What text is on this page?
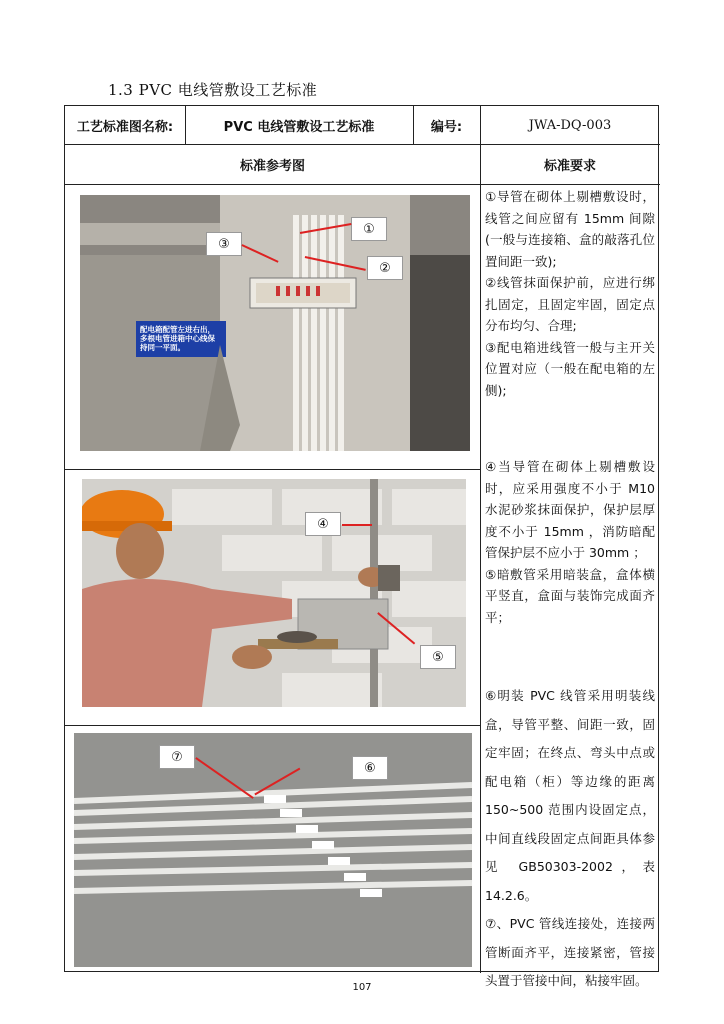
1.3 PVC 电线管敷设工艺标准
工艺标准图名称:	PVC 电线管敷设工艺标准	编号:	JWA-DQ-003
标准参考图	标准要求

①导管在砌体上剔槽敷设时，线管之间应留有 15mm 间隙(一般与连接箱、盒的敲落孔位置间距一致);

②线管抹面保护前，应进行绑扎固定，且固定牢固，固定点分布均匀、合理;

③配电箱进线管一般与主开关位置对应（一般在配电箱的左侧);

④当导管在砌体上剔槽敷设时，应采用强度不小于 M10 水泥砂浆抹面保护，保护层厚度不小于 15mm ，消防暗配管保护层不应小于 30mm ；

⑤暗敷管采用暗装盒，盒体横平竖直，盒面与装饰完成面齐平；

⑥明装 PVC 线管采用明装线盒，导管平整、间距一致，固定牢固；在终点、弯头中点或配电箱（柜）等边缘的距离 150~500 范围内设固定点，中间直线段固定点间距具体参见 GB50303-2002，表 14.2.6。

⑦、PVC 管线连接处，连接两管断面齐平，连接紧密，管接头置于管接中间，粘接牢固。

配电箱配管左进右出，多根电管进箱中心线保持同一平面。
①
②
③
④
⑤
⑦
⑥
107
